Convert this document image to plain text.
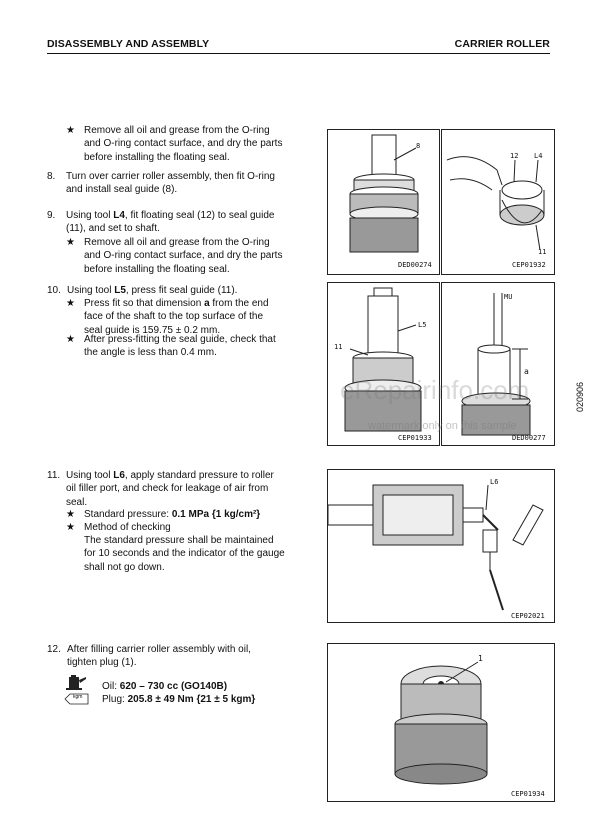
DISASSEMBLY AND ASSEMBLY	CARRIER ROLLER
★ Remove all oil and grease from the O-ring
and O-ring contact surface, and dry the parts
before installing the floating seal.
8. Turn over carrier roller assembly, then fit O-ring
and install seal guide (8).
9. Using tool L4, fit floating seal (12) to seal guide
(11), and set to shaft.
★ Remove all oil and grease from the O-ring
and O-ring contact surface, and dry the parts
before installing the floating seal.
10. Using tool L5, press fit seal guide (11).
★ Press fit so that dimension a from the end
face of the shaft to the top surface of the
seal guide is 159.75 ± 0.2 mm.
★ After press-fitting the seal guide, check that
the angle is less than 0.4 mm.
11. Using tool L6, apply standard pressure to roller
oil filler port, and check for leakage of air from
seal.
★ Standard pressure: 0.1 MPa {1 kg/cm²}
★ Method of checking
The standard pressure shall be maintained
for 10 seconds and the indicator of the gauge
shall not go down.
12. After filling carrier roller assembly with oil,
tighten plug (1).
kgm
Oil: 620 – 730 cc (GO140B)
Plug: 205.8 ± 49 Nm {21 ± 5 kgm}
8
DED00274
12 L4
11
CEP01932
L5
11
CEP01933
MU
a
DED00277
L6
CEP02021
1
CEP01934
020906
eRepairinfo.com
watermark only on this sample
